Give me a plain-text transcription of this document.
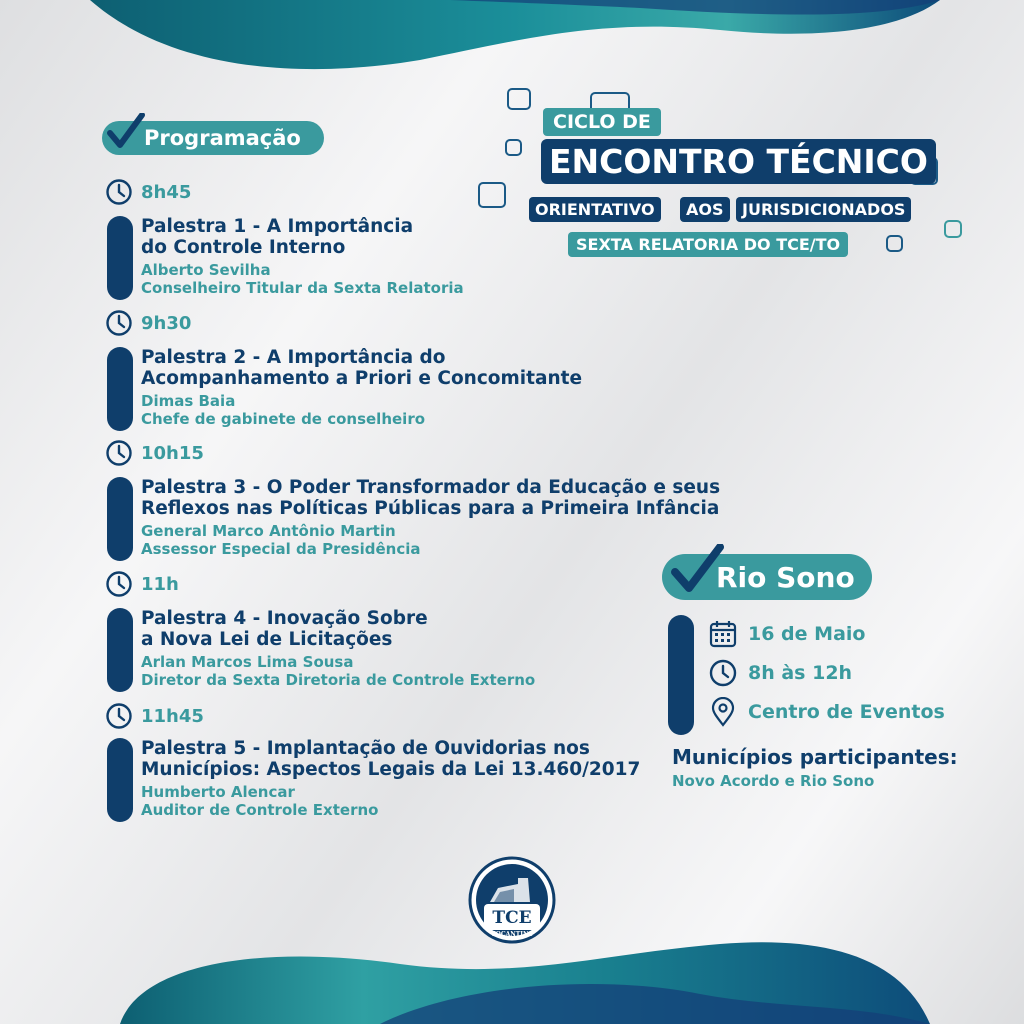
CICLO DE
ENCONTRO TÉCNICO
ORIENTATIVO	AOS	JURISDICIONADOS
SEXTA RELATORIA DO TCE/TO
Programação
8h45
Palestra 1 - A Importância
do Controle Interno
Alberto Sevilha
Conselheiro Titular da Sexta Relatoria
9h30
Palestra 2 - A Importância do
Acompanhamento a Priori e Concomitante
Dimas Baia
Chefe de gabinete de conselheiro
10h15
Palestra 3 - O Poder Transformador da Educação e seus
Reflexos nas Políticas Públicas para a Primeira Infância
General Marco Antônio Martin
Assessor Especial da Presidência
11h
Palestra 4 - Inovação Sobre
a Nova Lei de Licitações
Arlan Marcos Lima Sousa
Diretor da Sexta Diretoria de Controle Externo
11h45
Palestra 5 - Implantação de Ouvidorias nos
Municípios: Aspectos Legais da Lei 13.460/2017
Humberto Alencar
Auditor de Controle Externo
Rio Sono
16 de Maio
8h às 12h
Centro de Eventos
Municípios participantes:
Novo Acordo e Rio Sono
TCE
TOCANTINS
